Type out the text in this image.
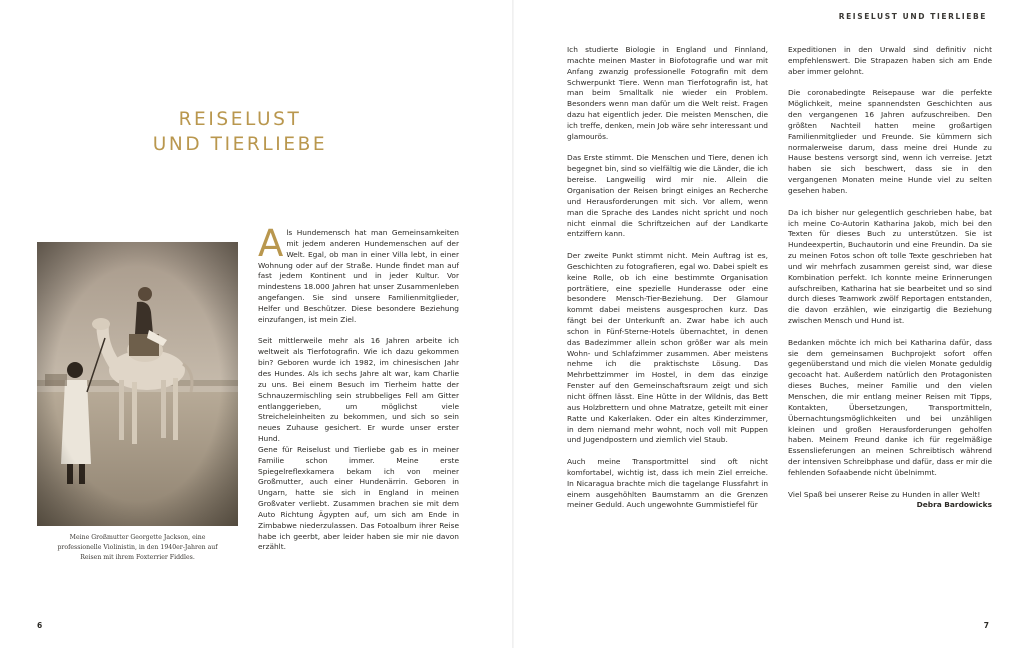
REISELUST
UND TIERLIEBE
Meine Großmutter Georgette Jackson, eine
professionelle Violinistin, in den 1940er-Jahren auf
Reisen mit ihrem Foxterrier Fiddles.

Als Hundemensch hat man Gemeinsamkeiten mit jedem anderen Hundemenschen auf der Welt. Egal, ob man in einer Villa lebt, in einer Wohnung oder auf der Straße. Hunde findet man auf fast jedem Kontinent und in jeder Kultur. Vor mindestens 18.000 Jahren hat unser Zusammenleben angefangen. Sie sind unsere Familienmitglieder, Helfer und Beschützer. Diese besondere Beziehung einzufangen, ist mein Ziel.

Seit mittlerweile mehr als 16 Jahren arbeite ich weltweit als Tierfotografin. Wie ich dazu gekommen bin? Geboren wurde ich 1982, im chinesischen Jahr des Hundes. Als ich sechs Jahre alt war, kam Charlie zu uns. Bei einem Besuch im Tierheim hatte der Schnauzermischling sein strubbeliges Fell am Gitter entlanggerieben, um möglichst viele Streicheleinheiten zu bekommen, und sich so sein neues Zuhause gesichert. Er wurde unser erster Hund.

Gene für Reiselust und Tierliebe gab es in meiner Familie schon immer. Meine erste Spiegelreflexkamera bekam ich von meiner Großmutter, auch einer Hundenärrin. Geboren in Ungarn, hatte sie sich in England in meinen Großvater verliebt. Zusammen brachen sie mit dem Auto Richtung Ägypten auf, um sich am Ende in Zimbabwe niederzulassen. Das Fotoalbum ihrer Reise habe ich geerbt, aber leider haben sie mir nie davon erzählt.

6
REISELUST UND TIERLIEBE

Ich studierte Biologie in England und Finnland, machte meinen Master in Biofotografie und war mit Anfang zwanzig professionelle Fotografin mit dem Schwerpunkt Tiere. Wenn man Tierfotografin ist, hat man beim Smalltalk nie wieder ein Problem. Besonders wenn man dafür um die Welt reist. Fragen dazu hat eigentlich jeder. Die meisten Menschen, die ich treffe, denken, mein Job wäre sehr interessant und glamourös.

Das Erste stimmt. Die Menschen und Tiere, denen ich begegnet bin, sind so vielfältig wie die Länder, die ich bereise. Langweilig wird mir nie. Allein die Organisation der Reisen bringt einiges an Recherche und Herausforderungen mit sich. Vor allem, wenn man die Sprache des Landes nicht spricht und noch nicht einmal die Schriftzeichen auf der Landkarte entziffern kann.

Der zweite Punkt stimmt nicht. Mein Auftrag ist es, Geschichten zu fotografieren, egal wo. Dabei spielt es keine Rolle, ob ich eine bestimmte Organisation porträtiere, eine spezielle Hunderasse oder eine besondere Mensch-Tier-Beziehung. Der Glamour kommt dabei meistens ausgesprochen kurz. Das fängt bei der Unterkunft an. Zwar habe ich auch schon in Fünf-Sterne-Hotels übernachtet, in denen das Badezimmer allein schon größer war als mein Wohn- und Schlafzimmer zusammen. Aber meistens nehme ich die praktischste Lösung. Das Mehrbettzimmer im Hostel, in dem das einzige Fenster auf den Gemeinschaftsraum zeigt und sich nicht öffnen lässt. Eine Hütte in der Wildnis, das Bett aus Holzbrettern und ohne Matratze, geteilt mit einer Ratte und Kakerlaken. Oder ein altes Kinderzimmer, in dem niemand mehr wohnt, noch voll mit Puppen und Jugendpostern und ziemlich viel Staub.

Auch meine Transportmittel sind oft nicht komfortabel, wichtig ist, dass ich mein Ziel erreiche. In Nicaragua brachte mich die tagelange Flussfahrt in einem ausgehöhlten Baumstamm an die Grenzen meiner Geduld. Auch ungewohnte Gummistiefel für

Expeditionen in den Urwald sind definitiv nicht empfehlenswert. Die Strapazen haben sich am Ende aber immer gelohnt.

Die coronabedingte Reisepause war die perfekte Möglichkeit, meine spannendsten Geschichten aus den vergangenen 16 Jahren aufzuschreiben. Den größten Nachteil hatten meine großartigen Familienmitglieder und Freunde. Sie kümmern sich normalerweise darum, dass meine drei Hunde zu Hause bestens versorgt sind, wenn ich verreise. Jetzt haben sie sich beschwert, dass sie in den vergangenen Monaten meine Hunde viel zu selten gesehen haben.

Da ich bisher nur gelegentlich geschrieben habe, bat ich meine Co-Autorin Katharina Jakob, mich bei den Texten für dieses Buch zu unterstützen. Sie ist Hundeexpertin, Buchautorin und eine Freundin. Da sie zu meinen Fotos schon oft tolle Texte geschrieben hat und wir mehrfach zusammen gereist sind, war diese Kombination perfekt. Ich konnte meine Erinnerungen aufschreiben, Katharina hat sie bearbeitet und so sind durch dieses Teamwork zwölf Reportagen entstanden, die davon erzählen, wie einzigartig die Beziehung zwischen Mensch und Hund ist.

Bedanken möchte ich mich bei Katharina dafür, dass sie dem gemeinsamen Buchprojekt sofort offen gegenüberstand und mich die vielen Monate geduldig gecoacht hat. Außerdem natürlich den Protagonisten dieses Buches, meiner Familie und den vielen Menschen, die mir entlang meiner Reisen mit Tipps, Kontakten, Übersetzungen, Transportmitteln, Übernachtungsmöglichkeiten und bei unzähligen kleinen und großen Herausforderungen geholfen haben. Meinem Freund danke ich für regelmäßige Essenslieferungen an meinen Schreibtisch während der intensiven Schreibphase und dafür, dass er mir die fehlenden Sofaabende nicht übelnimmt.

Viel Spaß bei unserer Reise zu Hunden in aller Welt!

Debra Bardowicks
7
